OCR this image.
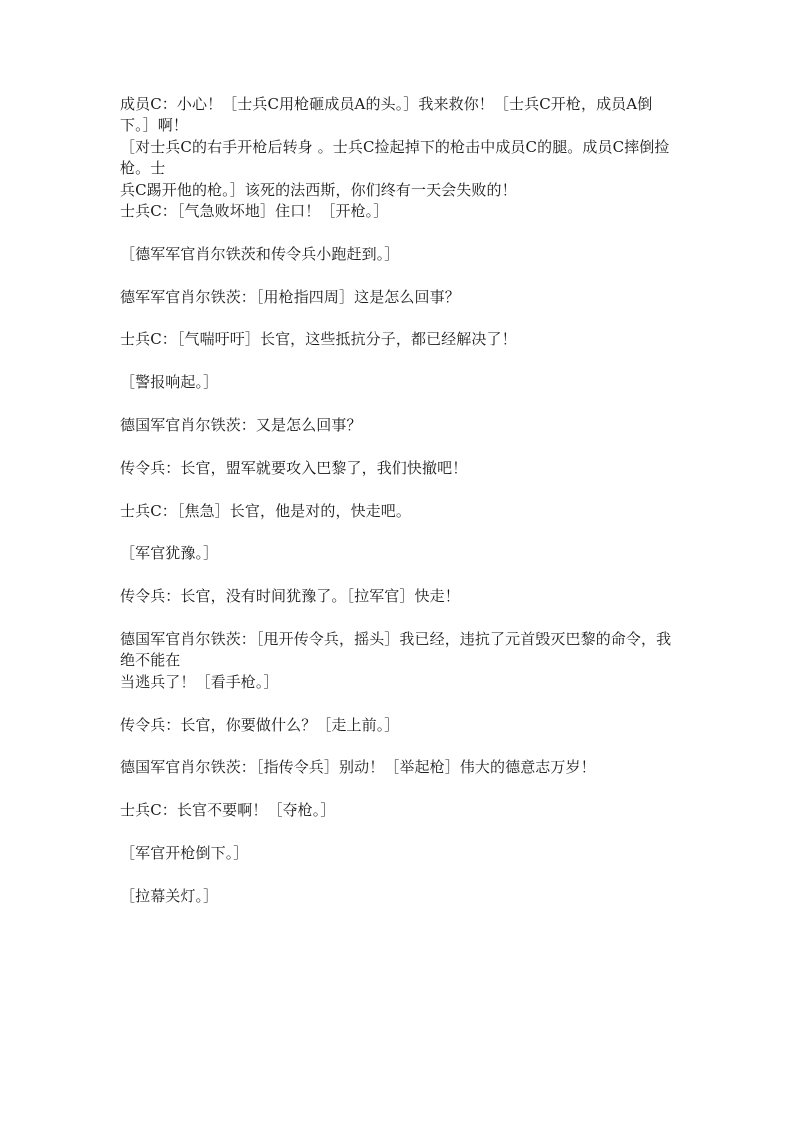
成员C：小心！［士兵C用枪砸成员A的头。］我来救你！［士兵C开枪，成员A倒下。］啊！
［对士兵C的右手开枪后转身 。士兵C捡起掉下的枪击中成员C的腿。成员C摔倒捡枪。士
兵C踢开他的枪。］该死的法西斯，你们终有一天会失败的！

士兵C：［气急败坏地］住口！［开枪。］

［德军军官肖尔铁茨和传令兵小跑赶到。］

德军军官肖尔铁茨：［用枪指四周］这是怎么回事？

士兵C：［气喘吁吁］长官，这些抵抗分子，都已经解决了！

［警报响起。］

德国军官肖尔铁茨：又是怎么回事？

传令兵：长官，盟军就要攻入巴黎了，我们快撤吧！

士兵C：［焦急］长官，他是对的，快走吧。

［军官犹豫。］

传令兵：长官，没有时间犹豫了。［拉军官］快走！

德国军官肖尔铁茨：［甩开传令兵，摇头］我已经，违抗了元首毁灭巴黎的命令，我绝不能在
当逃兵了！［看手枪。］

传令兵：长官，你要做什么？［走上前。］

德国军官肖尔铁茨：［指传令兵］别动！［举起枪］伟大的德意志万岁！

士兵C：长官不要啊！［夺枪。］

［军官开枪倒下。］

［拉幕关灯。］
